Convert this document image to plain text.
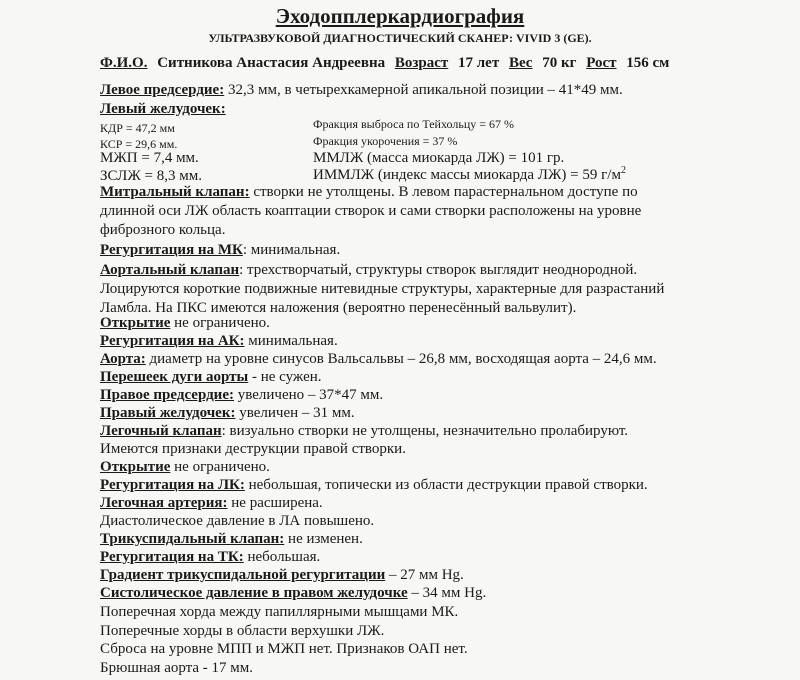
Эходопплеркардиография
УЛЬТРАЗВУКОВОЙ ДИАГНОСТИЧЕСКИЙ СКАНЕР: VIVID 3 (GE).
Ф.И.О. Ситникова Анастасия Андреевна Возраст 17 лет Вес 70 кг Рост 156 см
Левое предсердие: 32,3 мм, в четырехкамерной апикальной позиции – 41*49 мм.
Левый желудочек:
КДР = 47,2 мм	Фракция выброса по Тейхольцу = 67 %
КСР = 29,6 мм.	Фракция укорочения = 37 %
МЖП = 7,4 мм.	ММЛЖ (масса миокарда ЛЖ) = 101 гр.
ЗСЛЖ = 8,3 мм.	ИММЛЖ (индекс массы миокарда ЛЖ) = 59 $г/м^2$
Митральный клапан: створки не утолщены. В левом парастернальном доступе по
длинной оси ЛЖ область коаптации створок и сами створки расположены на уровне
фиброзного кольца.
Регургитация на МК: минимальная.
Аортальный клапан: трехстворчатый, структуры створок выглядит неоднородной.
Лоцируются короткие подвижные нитевидные структуры, характерные для разрастаний
Ламбла. На ПКС имеются наложения (вероятно перенесённый вальвулит).
Открытие не ограничено.
Регургитация на АК: минимальная.
Аорта: диаметр на уровне синусов Вальсальвы – 26,8 мм, восходящая аорта – 24,6 мм.
Перешеек дуги аорты - не сужен.
Правое предсердие: увеличено – 37*47 мм.
Правый желудочек: увеличен – 31 мм.
Легочный клапан: визуально створки не утолщены, незначительно пролабируют.
Имеются признаки деструкции правой створки.
Открытие не ограничено.
Регургитация на ЛК: небольшая, топически из области деструкции правой створки.
Легочная артерия: не расширена.
Диастолическое давление в ЛА повышено.
Трикуспидальный клапан: не изменен.
Регургитация на ТК: небольшая.
Градиент трикуспидальной регургитации – 27 мм Hg.
Систолическое давление в правом желудочке – 34 мм Hg.
Поперечная хорда между папиллярными мышцами МК.
Поперечные хорды в области верхушки ЛЖ.
Сброса на уровне МПП и МЖП нет. Признаков ОАП нет.
Брюшная аорта - 17 мм.
